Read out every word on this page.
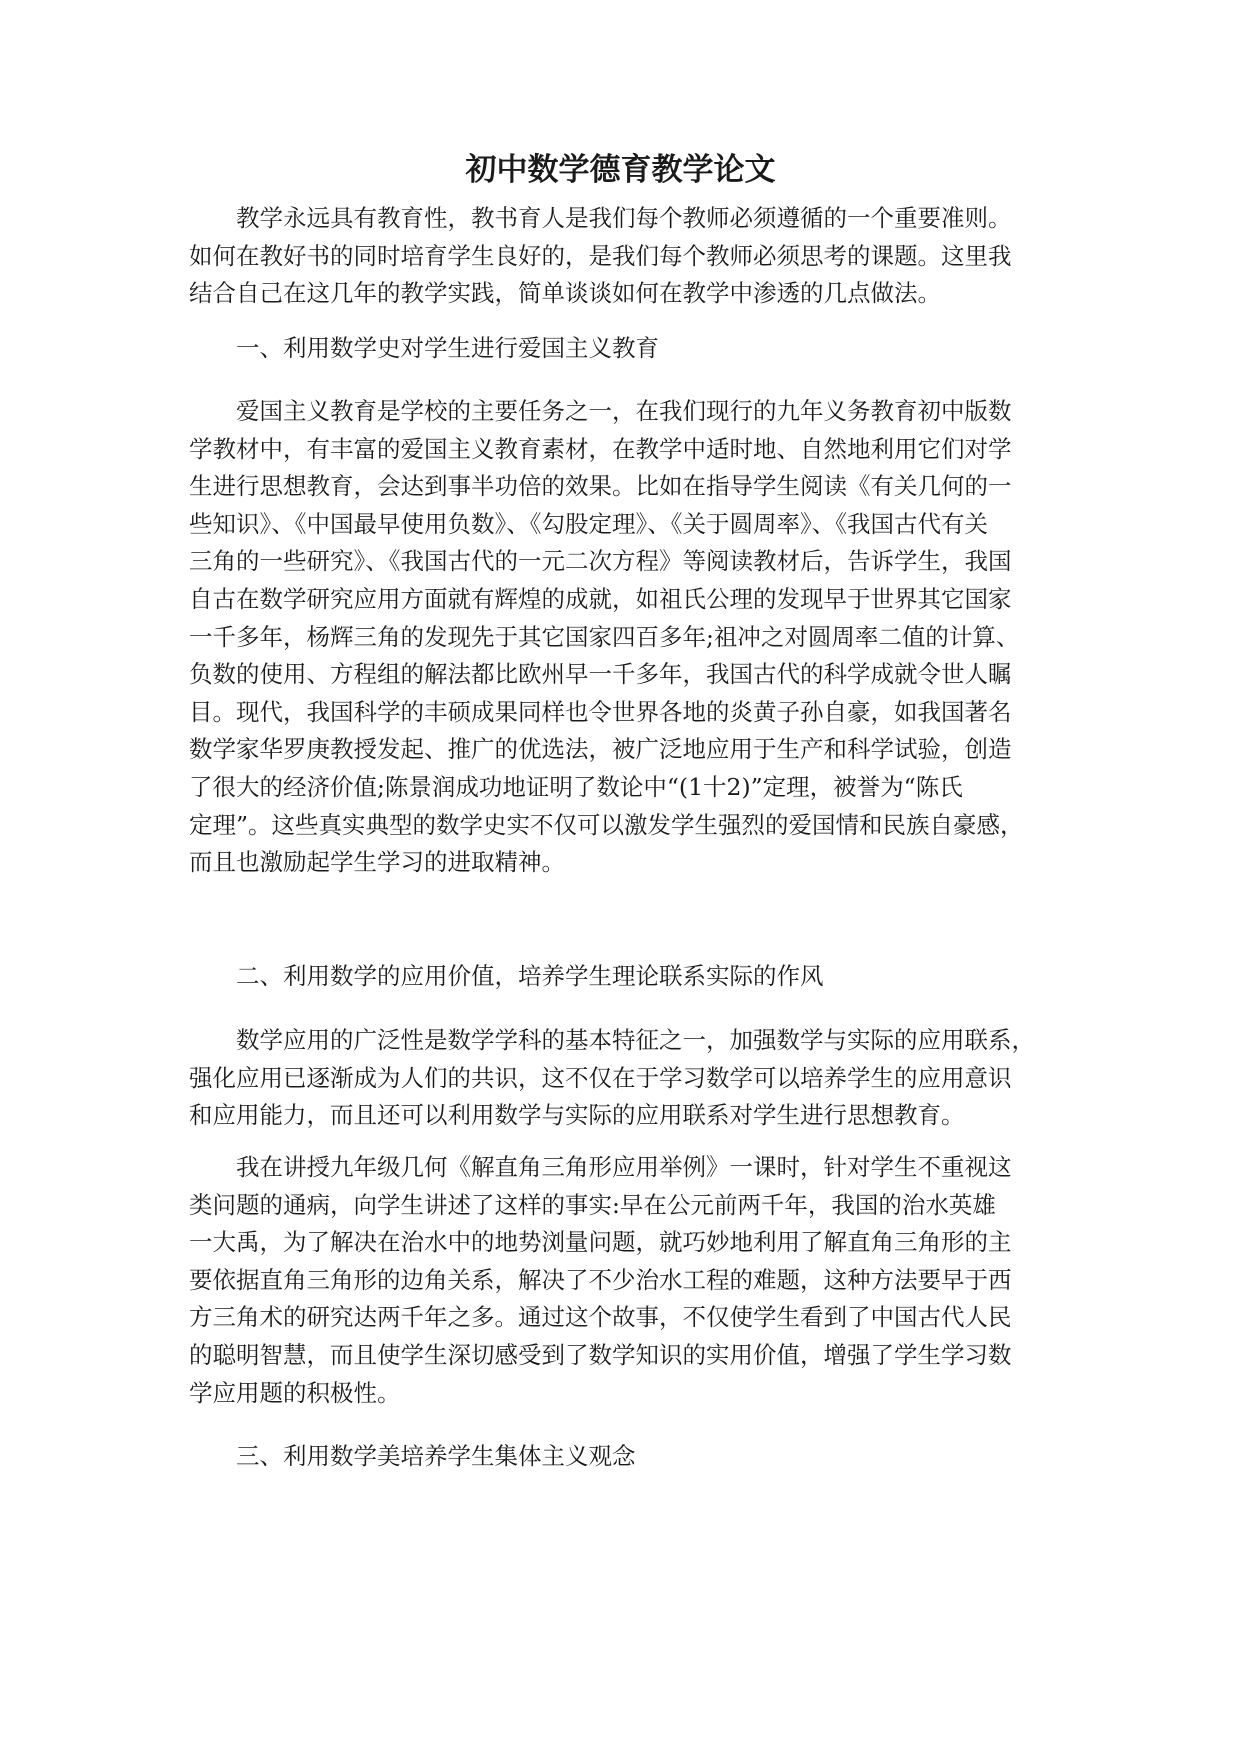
初中数学德育教学论文

教学永远具有教育性，教书育人是我们每个教师必须遵循的一个重要准则。
如何在教好书的同时培育学生良好的，是我们每个教师必须思考的课题。这里我
结合自己在这几年的教学实践，简单谈谈如何在教学中渗透的几点做法。

一、利用数学史对学生进行爱国主义教育

爱国主义教育是学校的主要任务之一，在我们现行的九年义务教育初中版数
学教材中，有丰富的爱国主义教育素材，在教学中适时地、自然地利用它们对学
生进行思想教育，会达到事半功倍的效果。比如在指导学生阅读《有关几何的一
些知识》、《中国最早使用负数》、《勾股定理》、《关于圆周率》、《我国古代有关
三角的一些研究》、《我国古代的一元二次方程》等阅读教材后，告诉学生，我国
自古在数学研究应用方面就有辉煌的成就，如祖氏公理的发现早于世界其它国家
一千多年，杨辉三角的发现先于其它国家四百多年;祖冲之对圆周率二值的计算、
负数的使用、方程组的解法都比欧州早一千多年，我国古代的科学成就令世人瞩
目。现代，我国科学的丰硕成果同样也令世界各地的炎黄子孙自豪，如我国著名
数学家华罗庚教授发起、推广的优选法，被广泛地应用于生产和科学试验，创造
了很大的经济价值;陈景润成功地证明了数论中“(1十2)”定理，被誉为“陈氏
定理”。这些真实典型的数学史实不仅可以激发学生强烈的爱国情和民族自豪感，
而且也激励起学生学习的进取精神。

二、利用数学的应用价值，培养学生理论联系实际的作风

数学应用的广泛性是数学学科的基本特征之一，加强数学与实际的应用联系，
强化应用已逐渐成为人们的共识，这不仅在于学习数学可以培养学生的应用意识
和应用能力，而且还可以利用数学与实际的应用联系对学生进行思想教育。

我在讲授九年级几何《解直角三角形应用举例》一课时，针对学生不重视这
类问题的通病，向学生讲述了这样的事实:早在公元前两千年，我国的治水英雄
一大禹，为了解决在治水中的地势浏量问题，就巧妙地利用了解直角三角形的主
要依据直角三角形的边角关系，解决了不少治水工程的难题，这种方法要早于西
方三角术的研究达两千年之多。通过这个故事，不仅使学生看到了中国古代人民
的聪明智慧，而且使学生深切感受到了数学知识的实用价值，增强了学生学习数
学应用题的积极性。

三、利用数学美培养学生集体主义观念
